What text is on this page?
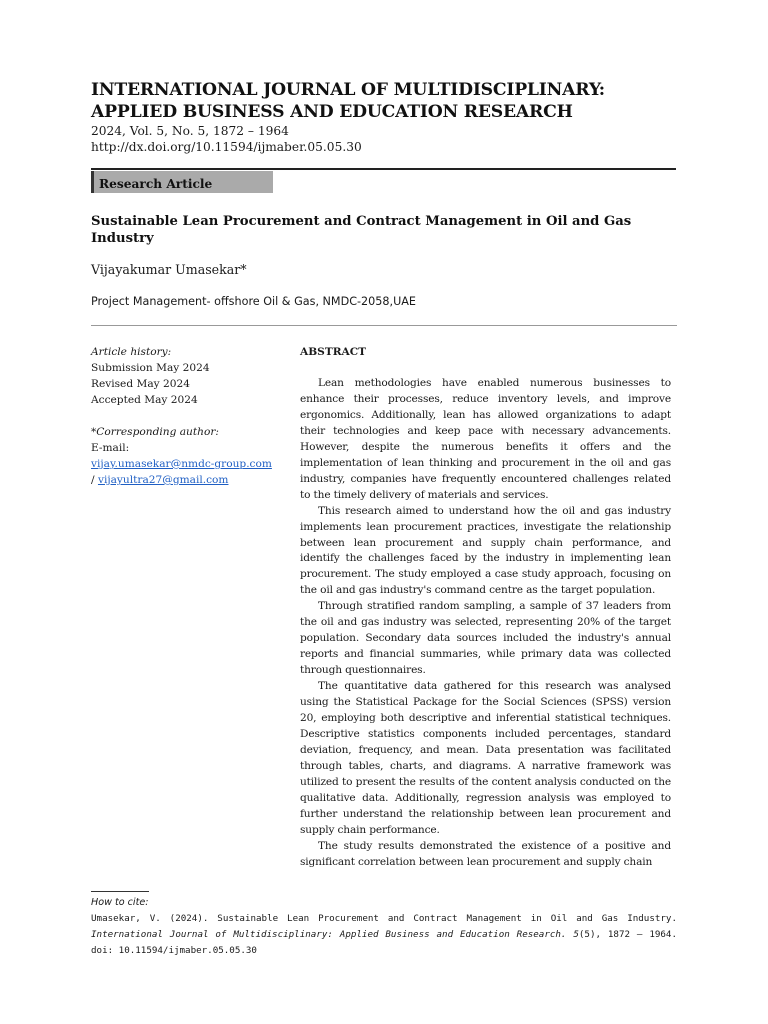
INTERNATIONAL JOURNAL OF MULTIDISCIPLINARY: APPLIED BUSINESS AND EDUCATION RESEARCH
2024, Vol. 5, No. 5, 1872 – 1964
http://dx.doi.org/10.11594/ijmaber.05.05.30
Research Article
Sustainable Lean Procurement and Contract Management in Oil and Gas Industry
Vijayakumar Umasekar*
Project Management- offshore Oil & Gas, NMDC-2058,UAE
Article history:
Submission May 2024
Revised May 2024
Accepted May 2024
*Corresponding author:
E-mail:
vijay.umasekar@nmdc-group.com
/ vijayultra27@gmail.com
ABSTRACT

Lean methodologies have enabled numerous businesses to enhance their processes, reduce inventory levels, and improve ergonomics. Additionally, lean has allowed organizations to adapt their technologies and keep pace with necessary advancements. However, despite the numerous benefits it offers and the implementation of lean thinking and procurement in the oil and gas industry, companies have frequently encountered challenges related to the timely delivery of materials and services.

This research aimed to understand how the oil and gas industry implements lean procurement practices, investigate the relationship between lean procurement and supply chain performance, and identify the challenges faced by the industry in implementing lean procurement. The study employed a case study approach, focusing on the oil and gas industry's command centre as the target population.

Through stratified random sampling, a sample of 37 leaders from the oil and gas industry was selected, representing 20% of the target population. Secondary data sources included the industry's annual reports and financial summaries, while primary data was collected through questionnaires.

The quantitative data gathered for this research was analysed using the Statistical Package for the Social Sciences (SPSS) version 20, employing both descriptive and inferential statistical techniques. Descriptive statistics components included percentages, standard deviation, frequency, and mean. Data presentation was facilitated through tables, charts, and diagrams. A narrative framework was utilized to present the results of the content analysis conducted on the qualitative data. Additionally, regression analysis was employed to further understand the relationship between lean procurement and supply chain performance.

The study results demonstrated the existence of a positive and significant correlation between lean procurement and supply chain

How to cite:
Umasekar, V. (2024). Sustainable Lean Procurement and Contract Management in Oil and Gas Industry. International Journal of Multidisciplinary: Applied Business and Education Research. 5(5), 1872 – 1964. doi: 10.11594/ijmaber.05.05.30
